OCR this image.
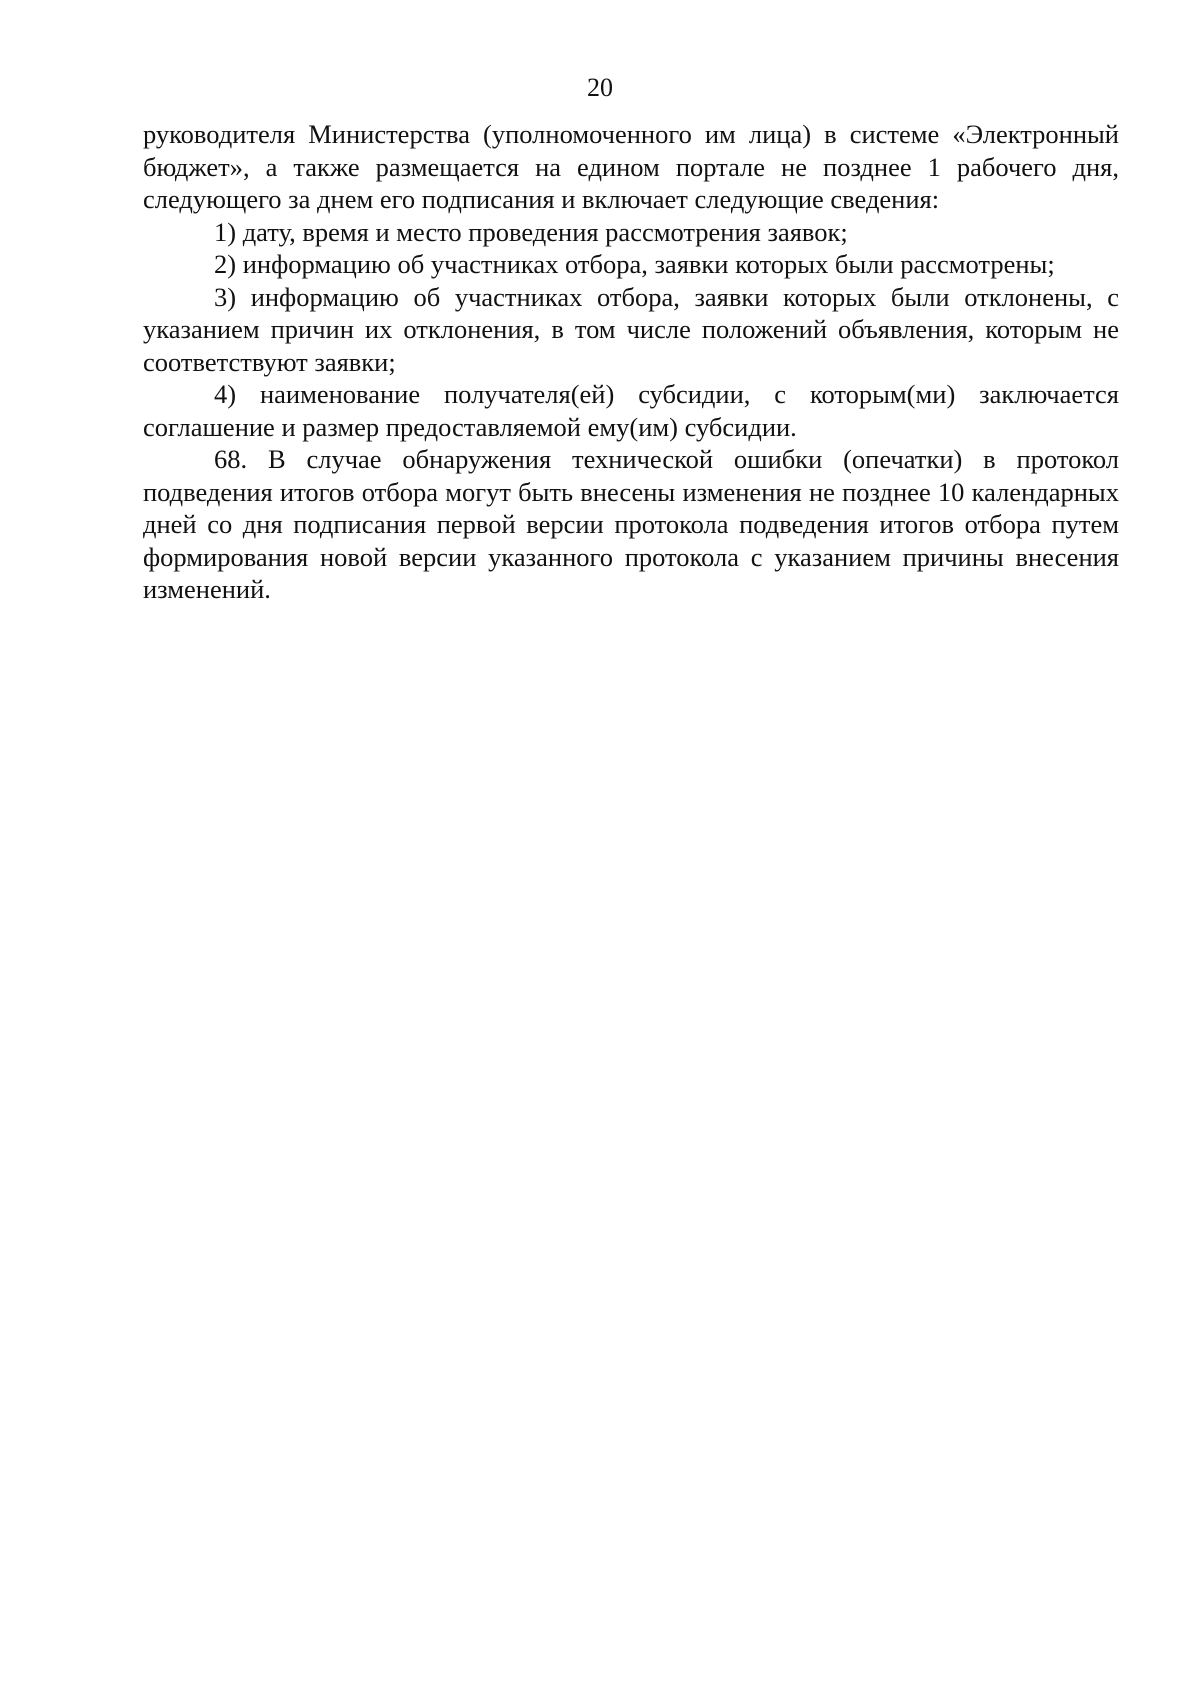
20

руководителя Министерства (уполномоченного им лица) в системе «Электронный бюджет», а также размещается на едином портале не позднее 1 рабочего дня, следующего за днем его подписания и включает следующие сведения:

1) дату, время и место проведения рассмотрения заявок;

2) информацию об участниках отбора, заявки которых были рассмотрены;

3) информацию об участниках отбора, заявки которых были отклонены, с указанием причин их отклонения, в том числе положений объявления, которым не соответствуют заявки;

4) наименование получателя(ей) субсидии, с которым(ми) заключается соглашение и размер предоставляемой ему(им) субсидии.

68. В случае обнаружения технической ошибки (опечатки) в протокол подведения итогов отбора могут быть внесены изменения не позднее 10 календарных дней со дня подписания первой версии протокола подведения итогов отбора путем формирования новой версии указанного протокола с указанием причины внесения изменений.
